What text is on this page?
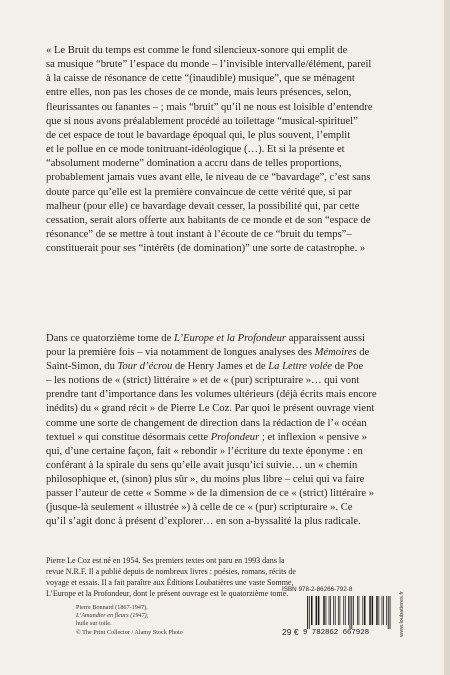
« Le Bruit du temps est comme le fond silencieux-sonore qui emplit de

sa musique “brute” l’espace du monde – l’invisible intervalle/élément, pareil

à la caisse de résonance de cette “(inaudible) musique”, que se ménagent

entre elles, non pas les choses de ce monde, mais leurs présences, selon,

fleurissantes ou fanantes – ; mais “bruit” qu’il ne nous est loisible d’entendre

que si nous avons préalablement procédé au toilettage “musical-spirituel”

de cet espace de tout le bavardage époqual qui, le plus souvent, l’emplit

et le pollue en ce mode tonitruant-idéologique (…). Et si la présente et

“absolument moderne” domination a accru dans de telles proportions,

probablement jamais vues avant elle, le niveau de ce “bavardage”, c’est sans

doute parce qu’elle est la première convaincue de cette vérité que, si par

malheur (pour elle) ce bavardage devait cesser, la possibilité qui, par cette

cessation, serait alors offerte aux habitants de ce monde et de son “espace de

résonance” de se mettre à tout instant à l’écoute de ce “bruit du temps”–

constituerait pour ses “intérêts (de domination)” une sorte de catastrophe. »

Dans ce quatorzième tome de L’Europe et la Profondeur apparaissent aussi
pour la première fois – via notamment de longues analyses des Mémoires de
Saint-Simon, du Tour d’écrou de Henry James et de La Lettre volée de Poe
– les notions de « (strict) littéraire » et de « (pur) scripturaire »… qui vont
prendre tant d’importance dans les volumes ultérieurs (déjà écrits mais encore
inédits) du « grand récit » de Pierre Le Coz. Par quoi le présent ouvrage vient
comme une sorte de changement de direction dans la rédaction de l’« océan
textuel » qui constitue désormais cette Profondeur ; et inflexion « pensive »
qui, d’une certaine façon, fait « rebondir » l’écriture du texte éponyme : en
conférant à la spirale du sens qu’elle avait jusqu’ici suivie… un « chemin
philosophique et, (sinon) plus sûr », du moins plus libre – celui qui va faire
passer l’auteur de cette « Somme » de la dimension de ce « (strict) littéraire »
(jusque-là seulement « illustrée ») à celle de ce « (pur) scripturaire ». Ce
qu’il s’agit donc à présent d’explorer… en son a-byssalité la plus radicale.
Pierre Le Coz est né en 1954. Ses premiers textes ont paru en 1993 dans la
revue N.R.F. Il a publié depuis de nombreux livres : poésies, romans, récits de
voyage et essais. Il a fait paraître aux Éditions Loubatières une vaste Somme,
L’Europe et la Profondeur, dont le présent ouvrage est le quatorzième tome.
Pierre Bonnard (1867-1947),
L’Amandier en fleurs (1947),
huile sur toile.
© The Print Collector / Alamy Stock Photo
ISBN 978-2-86266-792-8
29 € 9 782862 667928	www.loubatieres.fr
